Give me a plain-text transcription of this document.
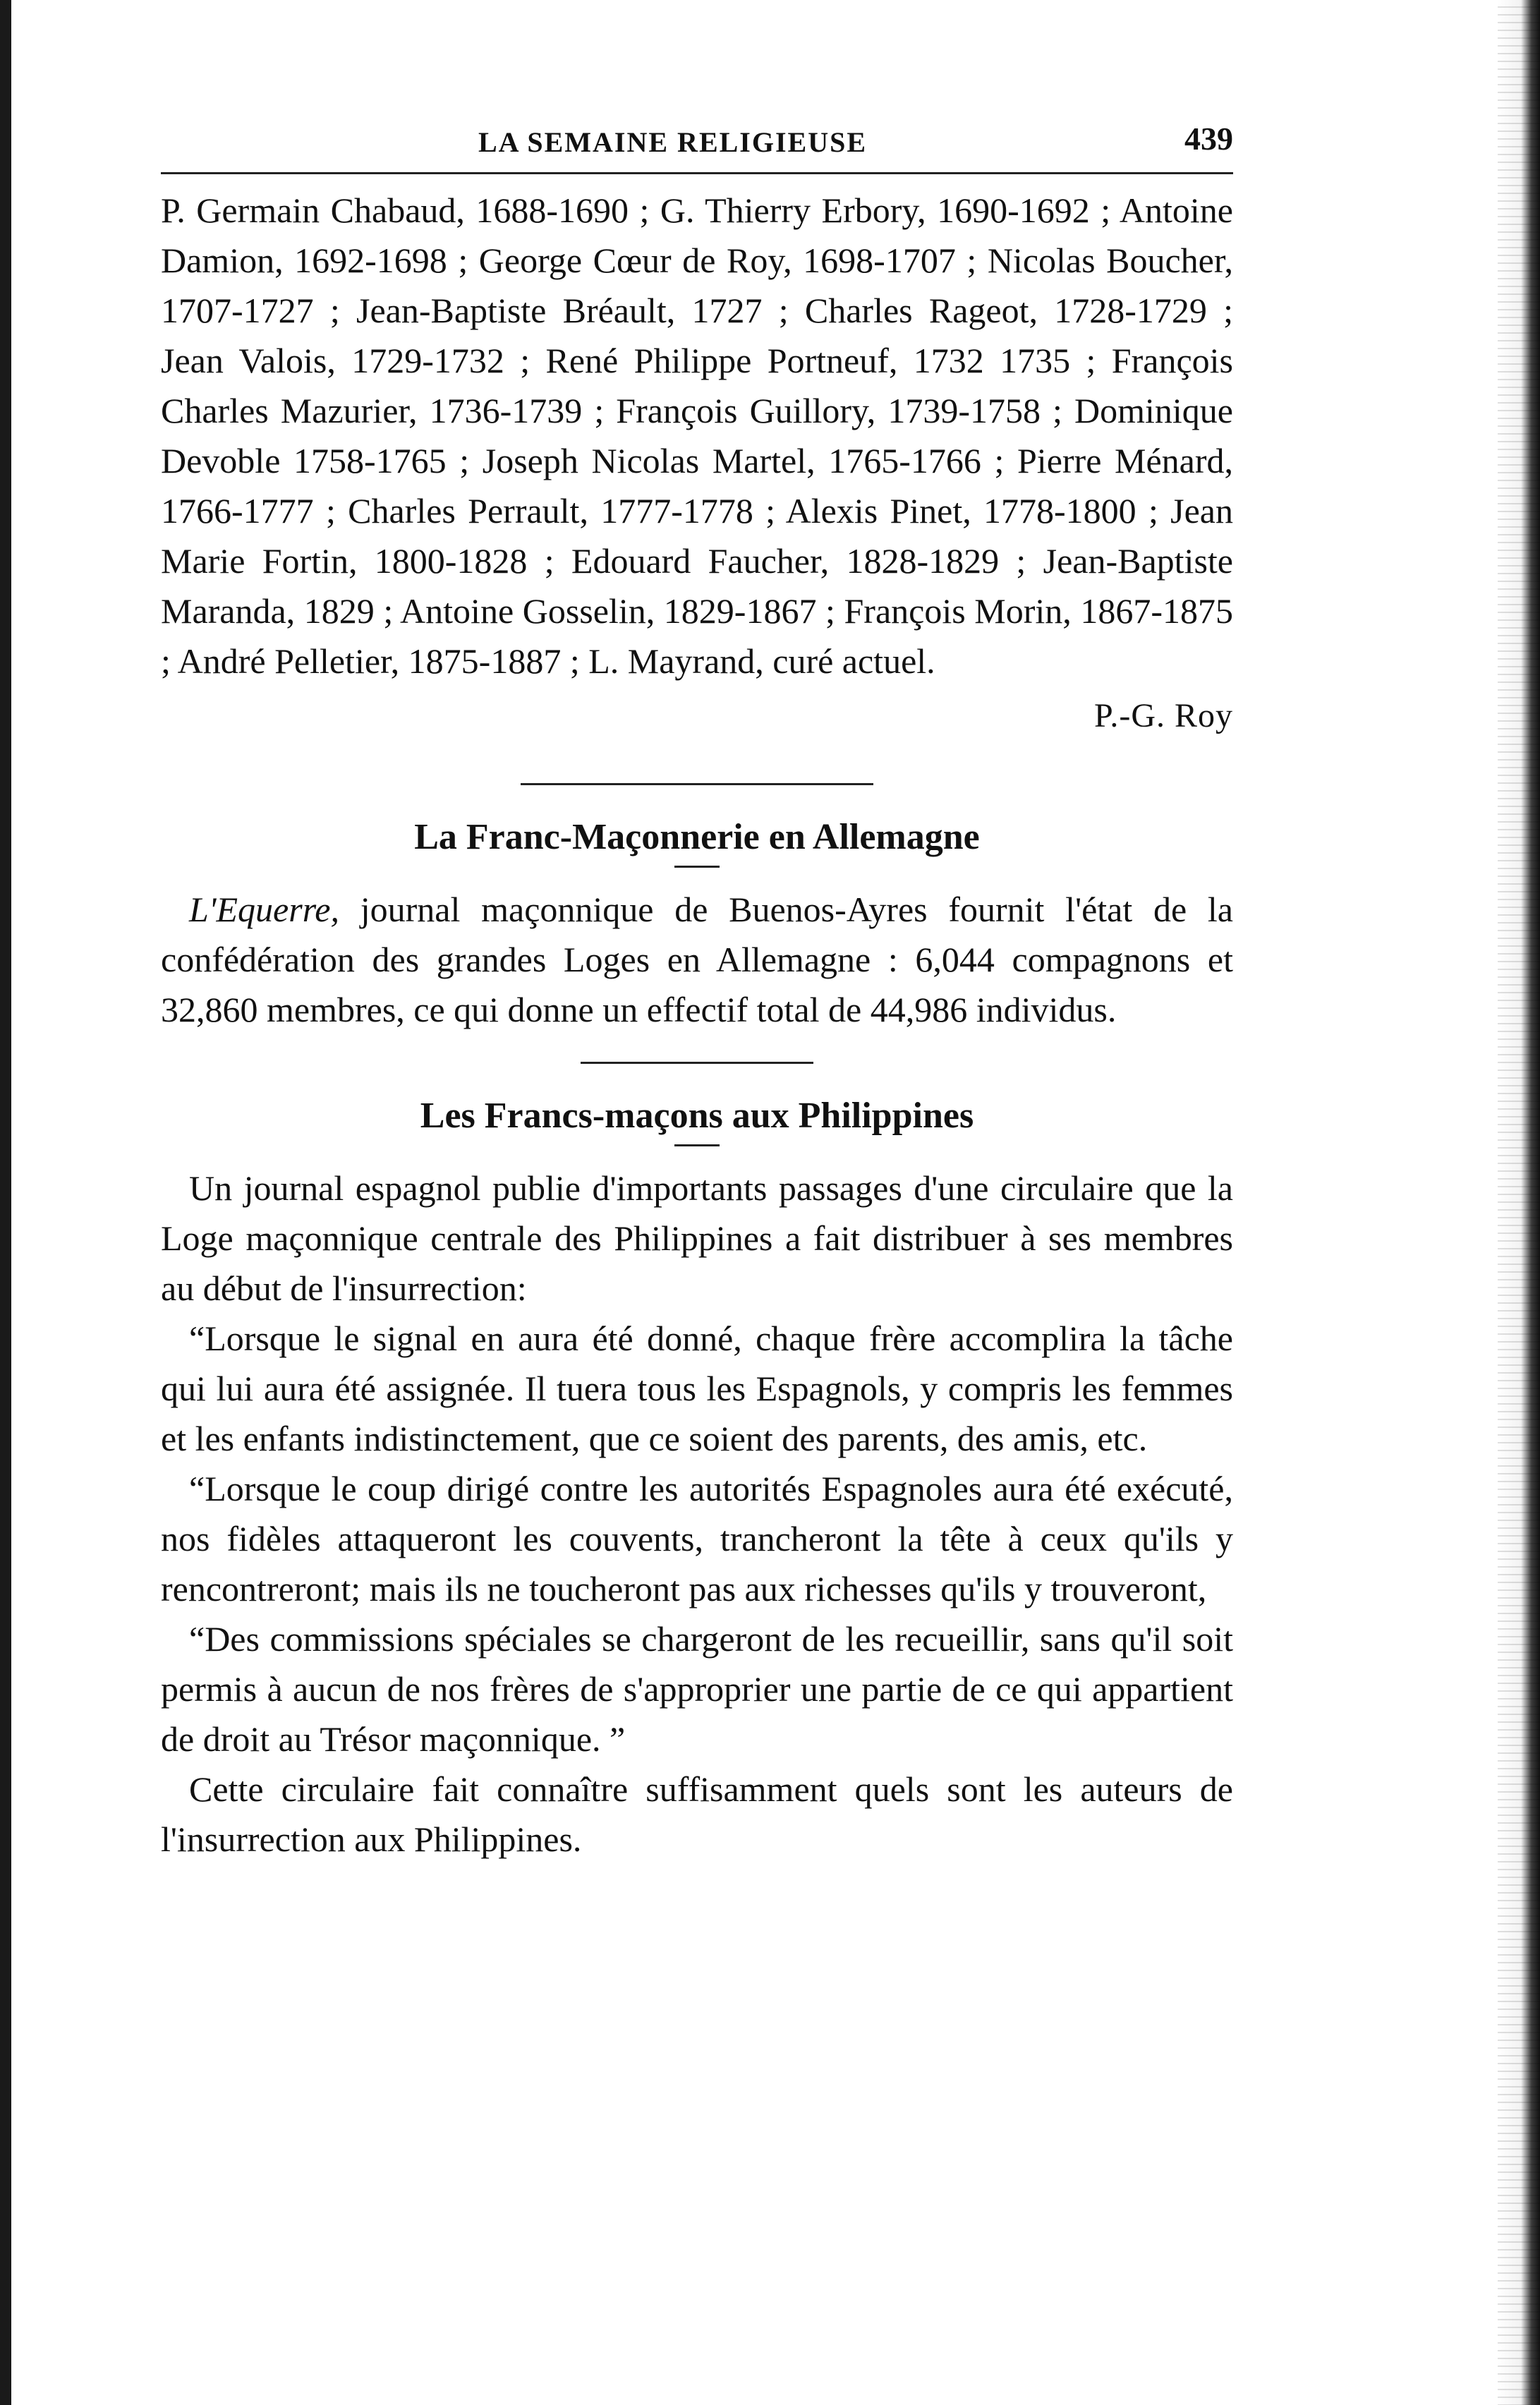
LA SEMAINE RELIGIEUSE	439

P. Germain Chabaud, 1688-1690 ; G. Thierry Erbory, 1690-1692 ; Antoine Damion, 1692-1698 ; George Cœur de Roy, 1698-1707 ; Nicolas Boucher, 1707-1727 ; Jean-Baptiste Bréault, 1727 ; Charles Rageot, 1728-1729 ; Jean Valois, 1729-1732 ; René Philippe Portneuf, 1732 1735 ; François Charles Mazurier, 1736-1739 ; François Guillory, 1739-1758 ; Dominique Devoble 1758-1765 ; Joseph Nicolas Martel, 1765-1766 ; Pierre Ménard, 1766-1777 ; Charles Perrault, 1777-1778 ; Alexis Pinet, 1778-1800 ; Jean Marie Fortin, 1800-1828 ; Edouard Faucher, 1828-1829 ; Jean-Baptiste Maranda, 1829 ; Antoine Gosselin, 1829-1867 ; François Morin, 1867-1875 ; André Pelletier, 1875-1887 ; L. Mayrand, curé actuel.

P.-G. Roy

La Franc-Maçonnerie en Allemagne

L'Equerre, journal maçonnique de Buenos-Ayres fournit l'état de la confédération des grandes Loges en Allemagne : 6,044 compagnons et 32,860 membres, ce qui donne un effectif total de 44,986 individus.

Les Francs-maçons aux Philippines

Un journal espagnol publie d'importants passages d'une circulaire que la Loge maçonnique centrale des Philippines a fait distribuer à ses membres au début de l'insurrection:

“Lorsque le signal en aura été donné, chaque frère accomplira la tâche qui lui aura été assignée. Il tuera tous les Espagnols, y compris les femmes et les enfants indistinctement, que ce soient des parents, des amis, etc.

“Lorsque le coup dirigé contre les autorités Espagnoles aura été exécuté, nos fidèles attaqueront les couvents, trancheront la tête à ceux qu'ils y rencontreront; mais ils ne toucheront pas aux richesses qu'ils y trouveront,

“Des commissions spéciales se chargeront de les recueillir, sans qu'il soit permis à aucun de nos frères de s'approprier une partie de ce qui appartient de droit au Trésor maçonnique. ”

Cette circulaire fait connaître suffisamment quels sont les auteurs de l'insurrection aux Philippines.
